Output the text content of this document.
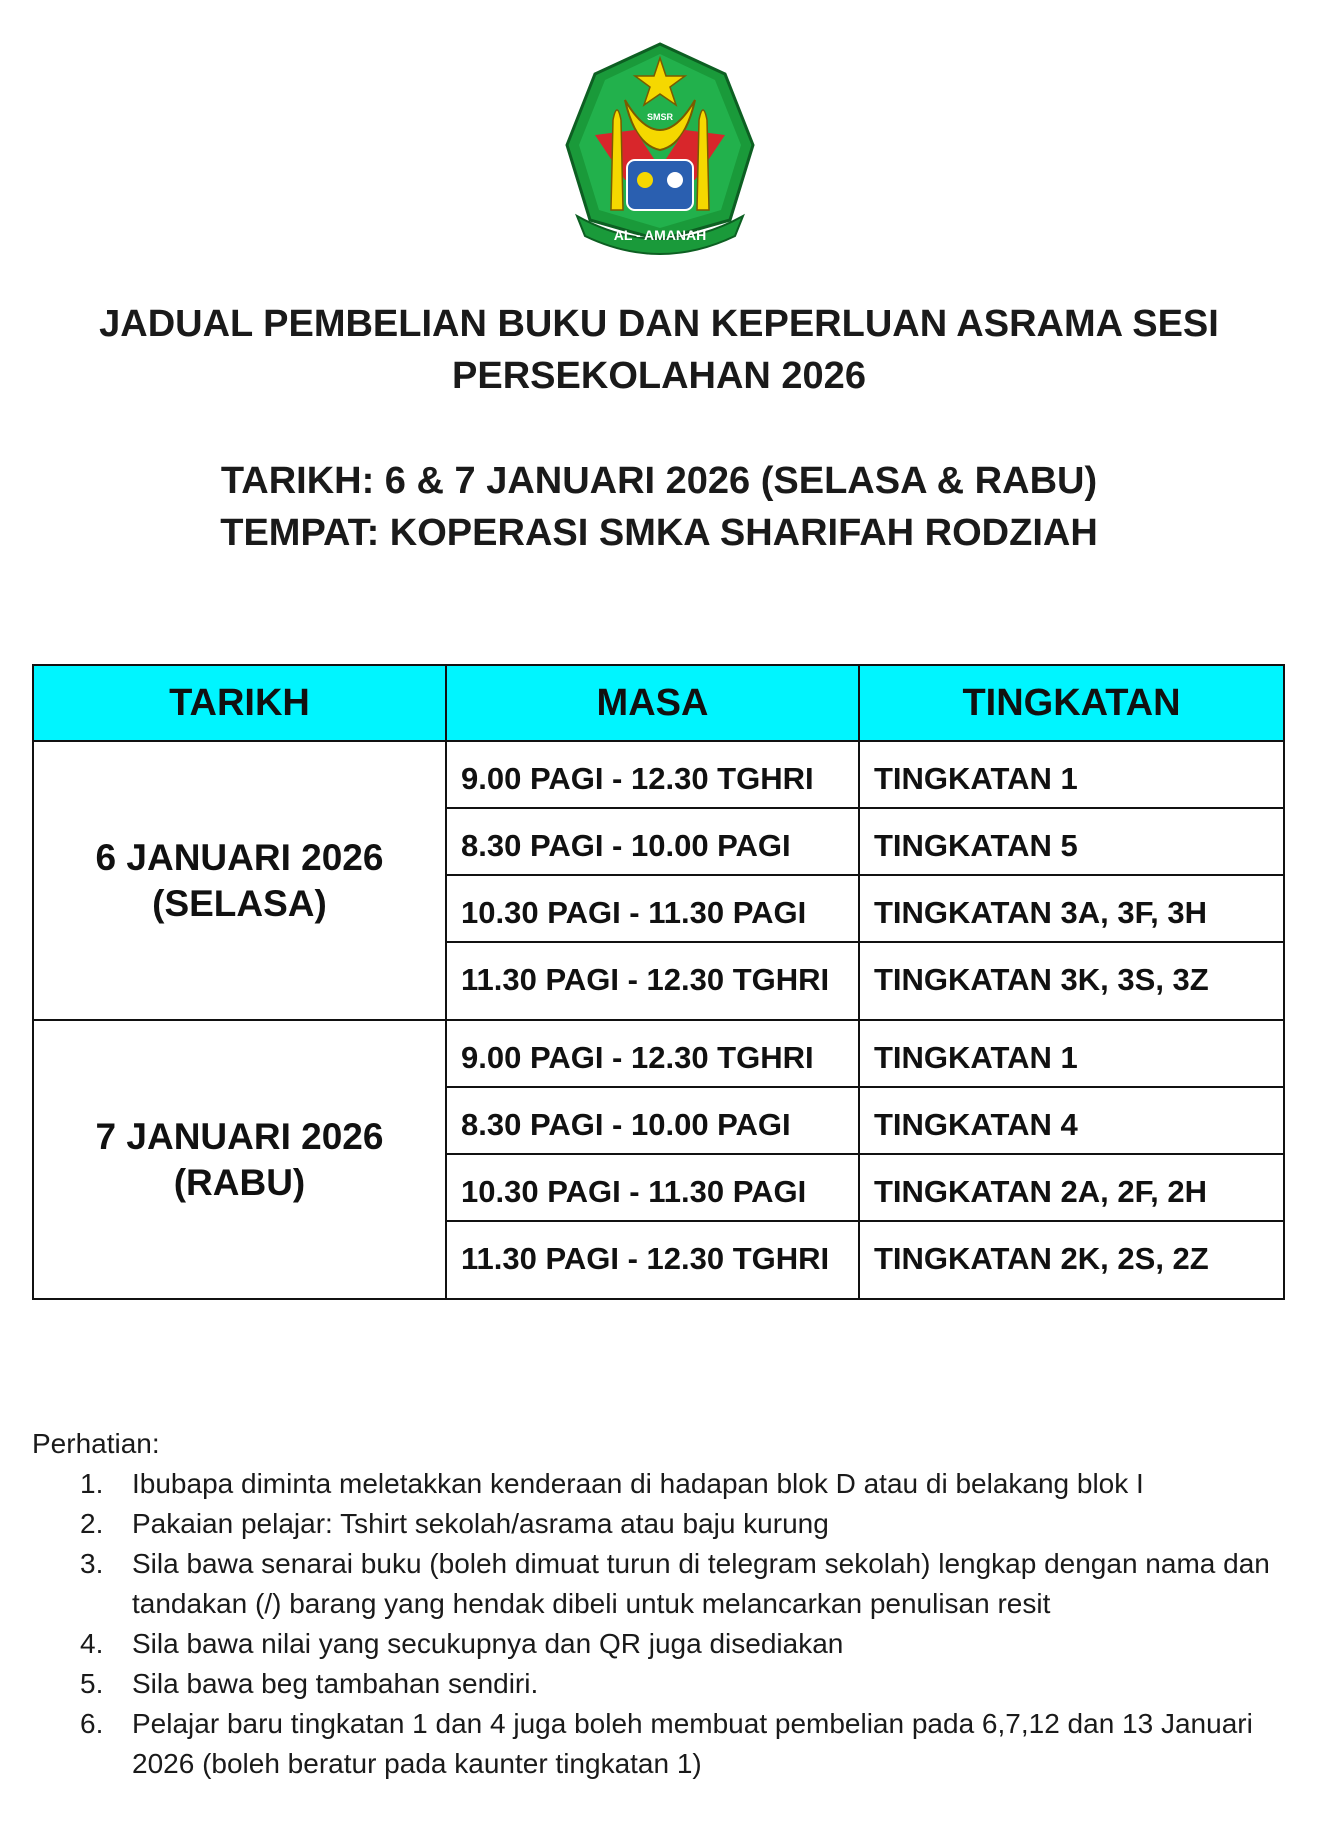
AL - AMANAH
SMSR
JADUAL PEMBELIAN BUKU DAN KEPERLUAN ASRAMA SESI
PERSEKOLAHAN 2026
TARIKH: 6 & 7 JANUARI 2026 (SELASA & RABU)
TEMPAT: KOPERASI SMKA SHARIFAH RODZIAH
TARIKH	MASA	TINGKATAN

6 JANUARI 2026
(SELASA)	9.00 PAGI - 12.30 TGHRI	TINGKATAN 1
	8.30 PAGI - 10.00 PAGI	TINGKATAN 5
	10.30 PAGI - 11.30 PAGI	TINGKATAN 3A, 3F, 3H
	11.30 PAGI - 12.30 TGHRI	TINGKATAN 3K, 3S, 3Z

7 JANUARI 2026
(RABU)	9.00 PAGI - 12.30 TGHRI	TINGKATAN 1
	8.30 PAGI - 10.00 PAGI	TINGKATAN 4
	10.30 PAGI - 11.30 PAGI	TINGKATAN 2A, 2F, 2H
	11.30 PAGI - 12.30 TGHRI	TINGKATAN 2K, 2S, 2Z
Perhatian:
1. Ibubapa diminta meletakkan kenderaan di hadapan blok D atau di belakang blok I
2. Pakaian pelajar: Tshirt sekolah/asrama atau baju kurung
3. Sila bawa senarai buku (boleh dimuat turun di telegram sekolah) lengkap dengan nama dan tandakan (/) barang yang hendak dibeli untuk melancarkan penulisan resit
4. Sila bawa nilai yang secukupnya dan QR juga disediakan
5. Sila bawa beg tambahan sendiri.
6. Pelajar baru tingkatan 1 dan 4 juga boleh membuat pembelian pada 6,7,12 dan 13 Januari 2026 (boleh beratur pada kaunter tingkatan 1)
